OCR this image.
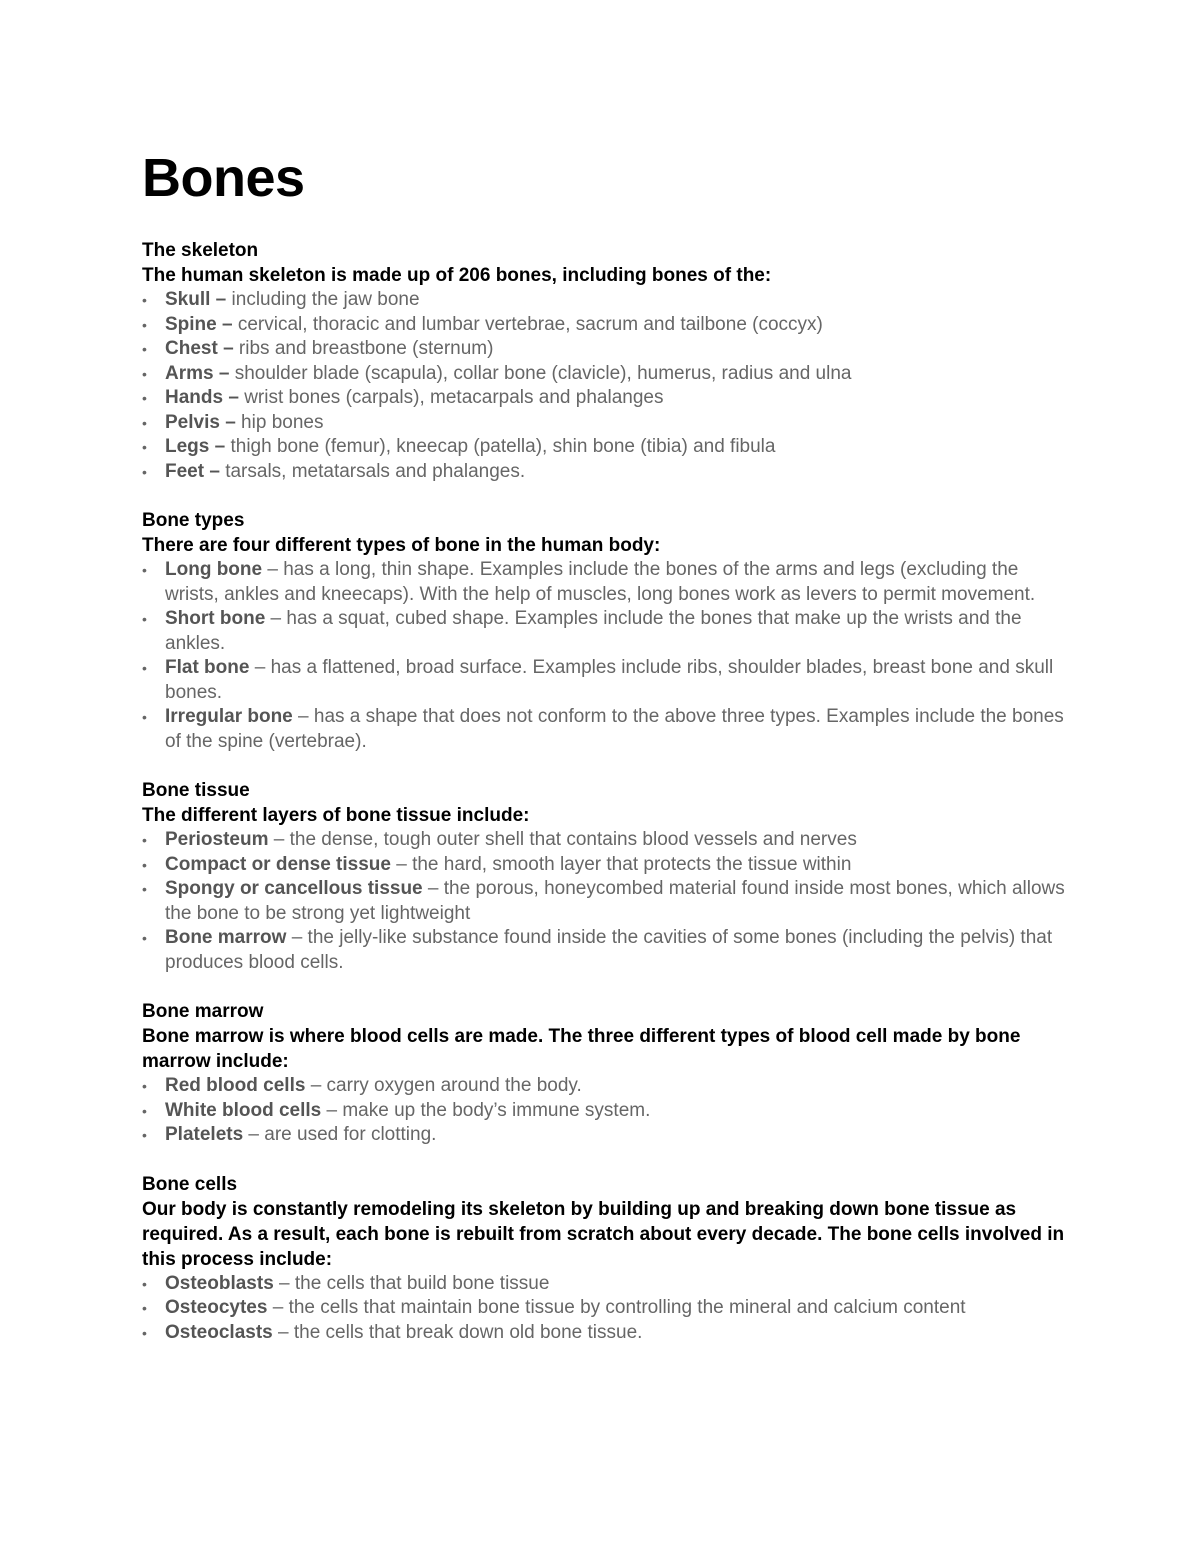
Bones
The skeleton
The human skeleton is made up of 206 bones, including bones of the:
• Skull – including the jaw bone
• Spine – cervical, thoracic and lumbar vertebrae, sacrum and tailbone (coccyx)
• Chest – ribs and breastbone (sternum)
• Arms – shoulder blade (scapula), collar bone (clavicle), humerus, radius and ulna
• Hands – wrist bones (carpals), metacarpals and phalanges
• Pelvis – hip bones
• Legs – thigh bone (femur), kneecap (patella), shin bone (tibia) and fibula
• Feet – tarsals, metatarsals and phalanges.
Bone types
There are four different types of bone in the human body:
• Long bone – has a long, thin shape. Examples include the bones of the arms and legs (excluding the wrists, ankles and kneecaps). With the help of muscles, long bones work as levers to permit movement.
• Short bone – has a squat, cubed shape. Examples include the bones that make up the wrists and the ankles.
• Flat bone – has a flattened, broad surface. Examples include ribs, shoulder blades, breast bone and skull bones.
• Irregular bone – has a shape that does not conform to the above three types. Examples include the bones of the spine (vertebrae).
Bone tissue
The different layers of bone tissue include:
• Periosteum – the dense, tough outer shell that contains blood vessels and nerves
• Compact or dense tissue – the hard, smooth layer that protects the tissue within
• Spongy or cancellous tissue – the porous, honeycombed material found inside most bones, which allows the bone to be strong yet lightweight
• Bone marrow – the jelly-like substance found inside the cavities of some bones (including the pelvis) that produces blood cells.
Bone marrow
Bone marrow is where blood cells are made. The three different types of blood cell made by bone marrow include:
• Red blood cells – carry oxygen around the body.
• White blood cells – make up the body’s immune system.
• Platelets – are used for clotting.
Bone cells
Our body is constantly remodeling its skeleton by building up and breaking down bone tissue as required. As a result, each bone is rebuilt from scratch about every decade. The bone cells involved in this process include:
• Osteoblasts – the cells that build bone tissue
• Osteocytes – the cells that maintain bone tissue by controlling the mineral and calcium content
• Osteoclasts – the cells that break down old bone tissue.
